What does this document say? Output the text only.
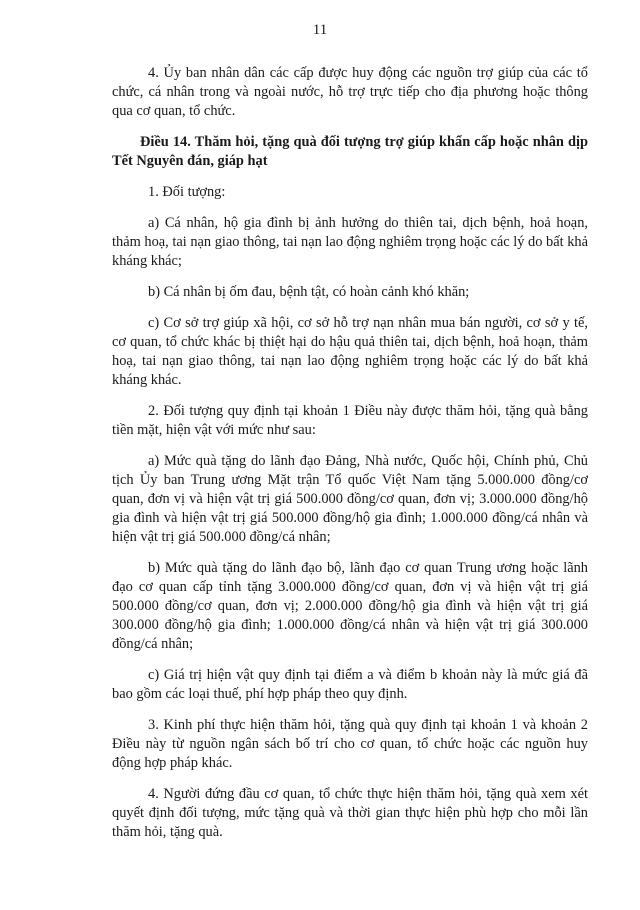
11

4. Ủy ban nhân dân các cấp được huy động các nguồn trợ giúp của các tổ chức, cá nhân trong và ngoài nước, hỗ trợ trực tiếp cho địa phương hoặc thông qua cơ quan, tổ chức.

Điều 14. Thăm hỏi, tặng quà đối tượng trợ giúp khẩn cấp hoặc nhân dịp Tết Nguyên đán, giáp hạt

1. Đối tượng:

a) Cá nhân, hộ gia đình bị ảnh hưởng do thiên tai, dịch bệnh, hoả hoạn, thảm hoạ, tai nạn giao thông, tai nạn lao động nghiêm trọng hoặc các lý do bất khả kháng khác;

b) Cá nhân bị ốm đau, bệnh tật, có hoàn cảnh khó khăn;

c) Cơ sở trợ giúp xã hội, cơ sở hỗ trợ nạn nhân mua bán người, cơ sở y tế, cơ quan, tổ chức khác bị thiệt hại do hậu quả thiên tai, dịch bệnh, hoả hoạn, thảm hoạ, tai nạn giao thông, tai nạn lao động nghiêm trọng hoặc các lý do bất khả kháng khác.

2. Đối tượng quy định tại khoản 1 Điều này được thăm hỏi, tặng quà bằng tiền mặt, hiện vật với mức như sau:

a) Mức quà tặng do lãnh đạo Đảng, Nhà nước, Quốc hội, Chính phủ, Chủ tịch Ủy ban Trung ương Mặt trận Tổ quốc Việt Nam tặng 5.000.000 đồng/cơ quan, đơn vị và hiện vật trị giá 500.000 đồng/cơ quan, đơn vị; 3.000.000 đồng/hộ gia đình và hiện vật trị giá 500.000 đồng/hộ gia đình; 1.000.000 đồng/cá nhân và hiện vật trị giá 500.000 đồng/cá nhân;

b) Mức quà tặng do lãnh đạo bộ, lãnh đạo cơ quan Trung ương hoặc lãnh đạo cơ quan cấp tỉnh tặng 3.000.000 đồng/cơ quan, đơn vị và hiện vật trị giá 500.000 đồng/cơ quan, đơn vị; 2.000.000 đồng/hộ gia đình và hiện vật trị giá 300.000 đồng/hộ gia đình; 1.000.000 đồng/cá nhân và hiện vật trị giá 300.000 đồng/cá nhân;

c) Giá trị hiện vật quy định tại điểm a và điểm b khoản này là mức giá đã bao gồm các loại thuế, phí hợp pháp theo quy định.

3. Kinh phí thực hiện thăm hỏi, tặng quà quy định tại khoản 1 và khoản 2 Điều này từ nguồn ngân sách bố trí cho cơ quan, tổ chức hoặc các nguồn huy động hợp pháp khác.

4. Người đứng đầu cơ quan, tổ chức thực hiện thăm hỏi, tặng quà xem xét quyết định đối tượng, mức tặng quà và thời gian thực hiện phù hợp cho mỗi lần thăm hỏi, tặng quà.
